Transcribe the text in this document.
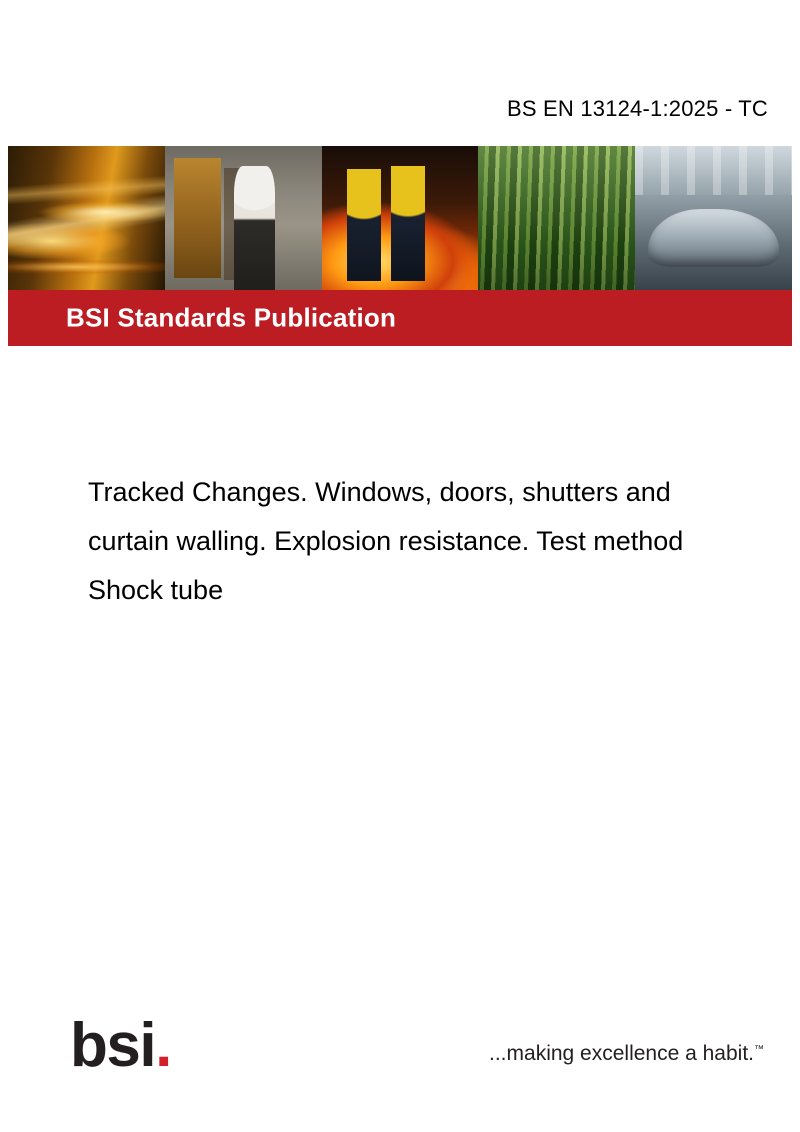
BS EN 13124-1:2025 - TC
BSI Standards Publication
Tracked Changes. Windows, doors, shutters and curtain walling. Explosion resistance. Test method Shock tube
bsi.	...making excellence a habit.™
